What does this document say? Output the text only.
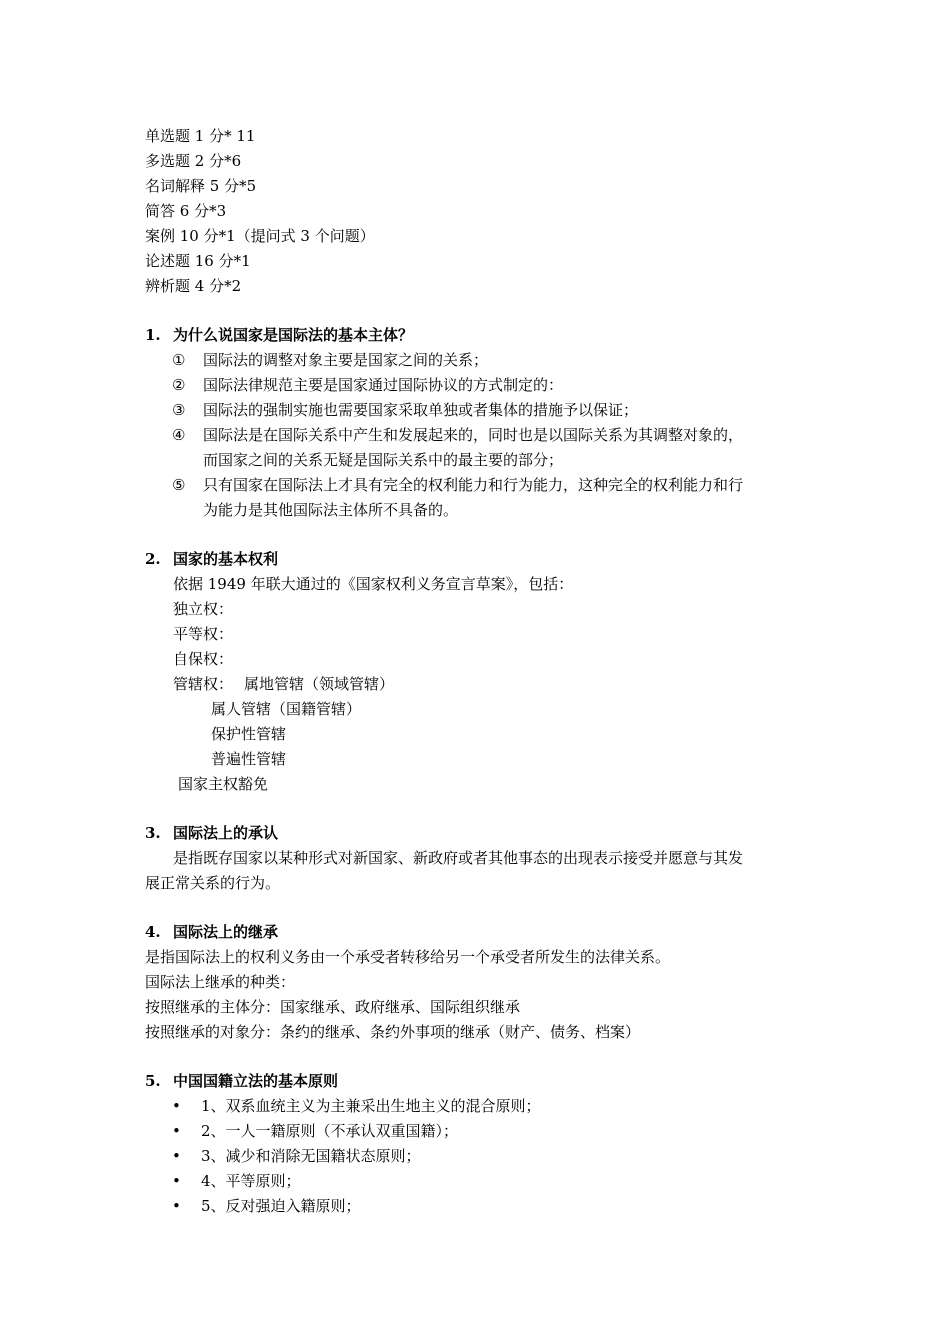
单选题 1 分* 11
多选题 2 分*6
名词解释 5 分*5
简答 6 分*3
案例 10 分*1（提问式 3 个问题）
论述题 16 分*1
辨析题 4 分*2
1. 为什么说国家是国际法的基本主体？
① 国际法的调整对象主要是国家之间的关系；
② 国际法律规范主要是国家通过国际协议的方式制定的：
③ 国际法的强制实施也需要国家采取单独或者集体的措施予以保证；
④ 国际法是在国际关系中产生和发展起来的，同时也是以国际关系为其调整对象的，
而国家之间的关系无疑是国际关系中的最主要的部分；
⑤ 只有国家在国际法上才具有完全的权利能力和行为能力，这种完全的权利能力和行
为能力是其他国际法主体所不具备的。
2. 国家的基本权利
依据 1949 年联大通过的《国家权利义务宣言草案》，包括：
独立权：
平等权：
自保权：
管辖权： 属地管辖（领域管辖）
属人管辖（国籍管辖）
保护性管辖
普遍性管辖
国家主权豁免
3. 国际法上的承认
是指既存国家以某种形式对新国家、新政府或者其他事态的出现表示接受并愿意与其发
展正常关系的行为。
4. 国际法上的继承
是指国际法上的权利义务由一个承受者转移给另一个承受者所发生的法律关系。
国际法上继承的种类：
按照继承的主体分：国家继承、政府继承、国际组织继承
按照继承的对象分：条约的继承、条约外事项的继承（财产、债务、档案）
5. 中国国籍立法的基本原则
• 1、双系血统主义为主兼采出生地主义的混合原则；
• 2、一人一籍原则（不承认双重国籍）；
• 3、减少和消除无国籍状态原则；
• 4、平等原则；
• 5、反对强迫入籍原则；
